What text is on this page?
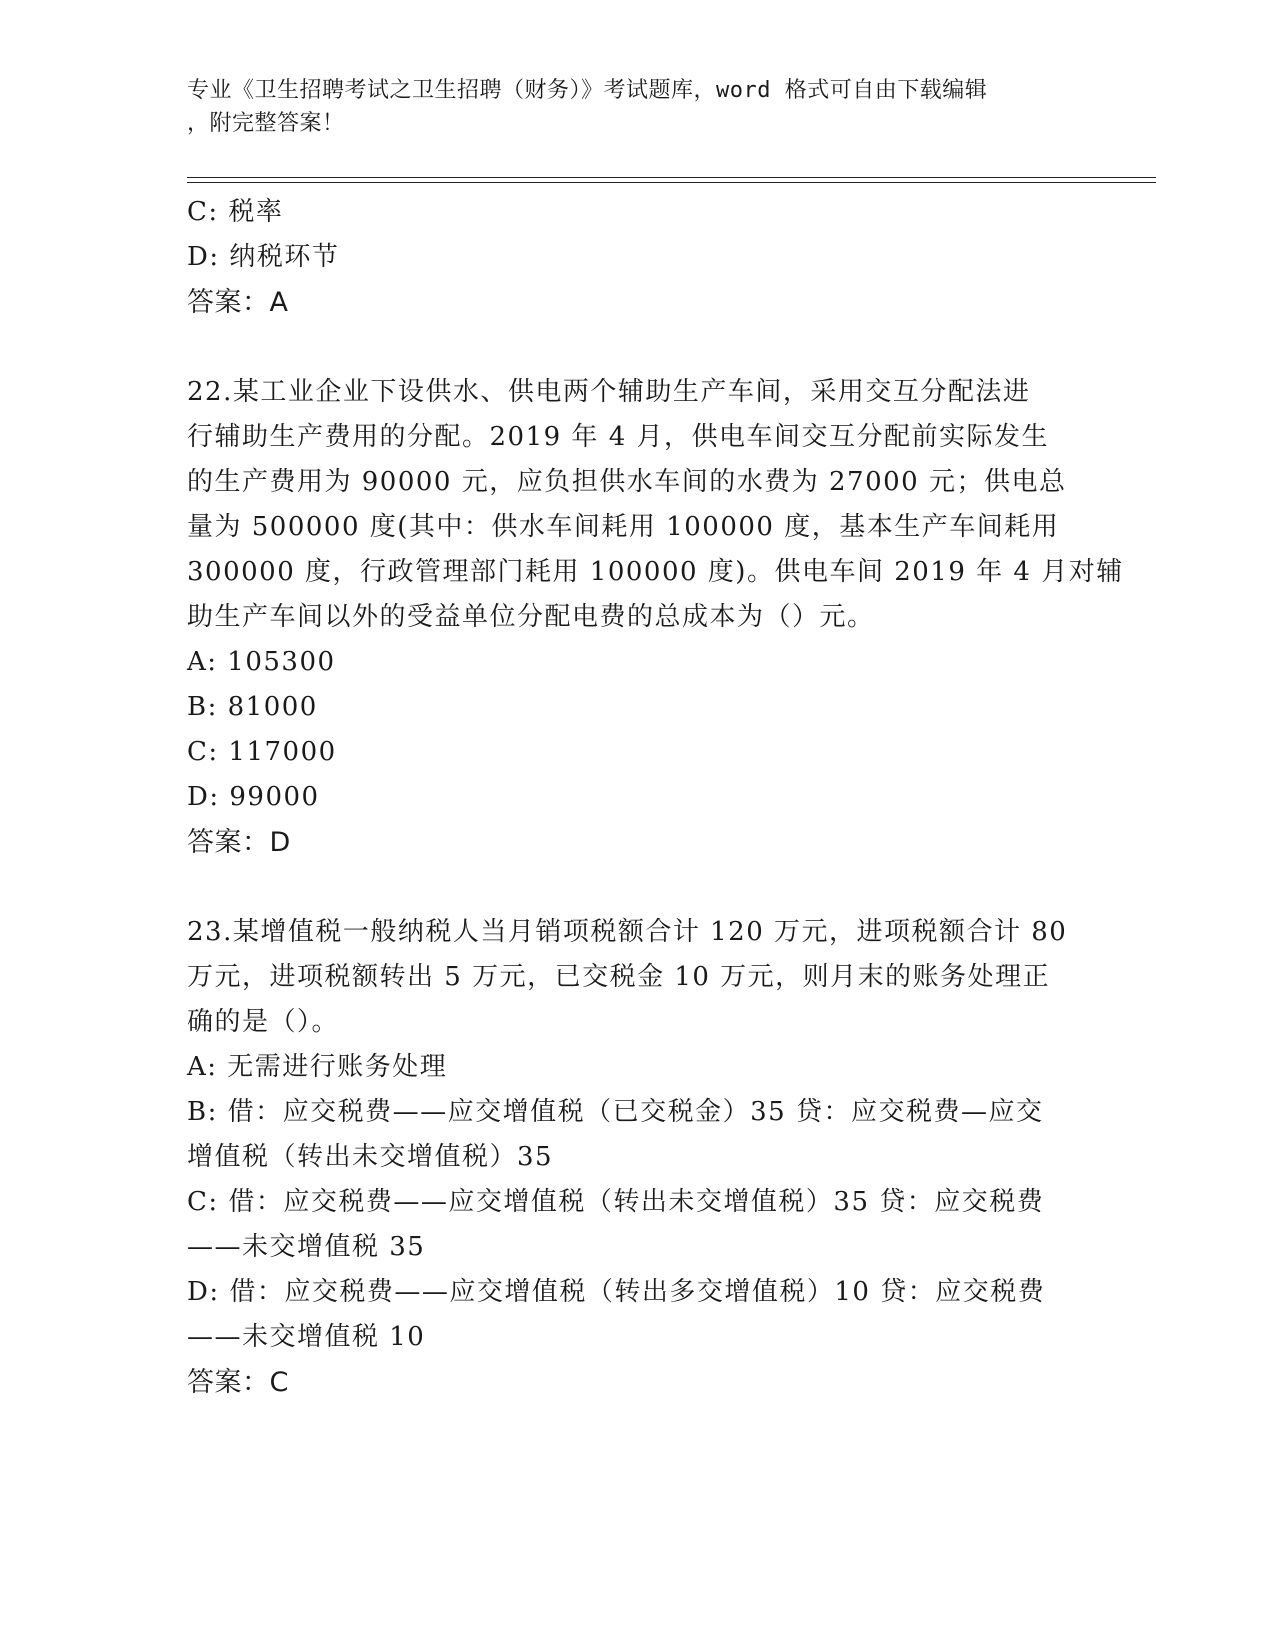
专业《卫生招聘考试之卫生招聘（财务）》考试题库，word 格式可自由下载编辑
，附完整答案！
C: 税率
D: 纳税环节
答案：A
22.某工业企业下设供水、供电两个辅助生产车间，采用交互分配法进
行辅助生产费用的分配。2019 年 4 月，供电车间交互分配前实际发生
的生产费用为 90000 元，应负担供水车间的水费为 27000 元；供电总
量为 500000 度(其中：供水车间耗用 100000 度，基本生产车间耗用
300000 度，行政管理部门耗用 100000 度)。供电车间 2019 年 4 月对辅
助生产车间以外的受益单位分配电费的总成本为（）元。
A: 105300
B: 81000
C: 117000
D: 99000
答案：D
23.某增值税一般纳税人当月销项税额合计 120 万元，进项税额合计 80
万元，进项税额转出 5 万元，已交税金 10 万元，则月末的账务处理正
确的是（）。
A: 无需进行账务处理
B: 借：应交税费——应交增值税（已交税金）35 贷：应交税费—应交
增值税（转出未交增值税）35
C: 借：应交税费——应交增值税（转出未交增值税）35 贷：应交税费
——未交增值税 35
D: 借：应交税费——应交增值税（转出多交增值税）10 贷：应交税费
——未交增值税 10
答案：C
